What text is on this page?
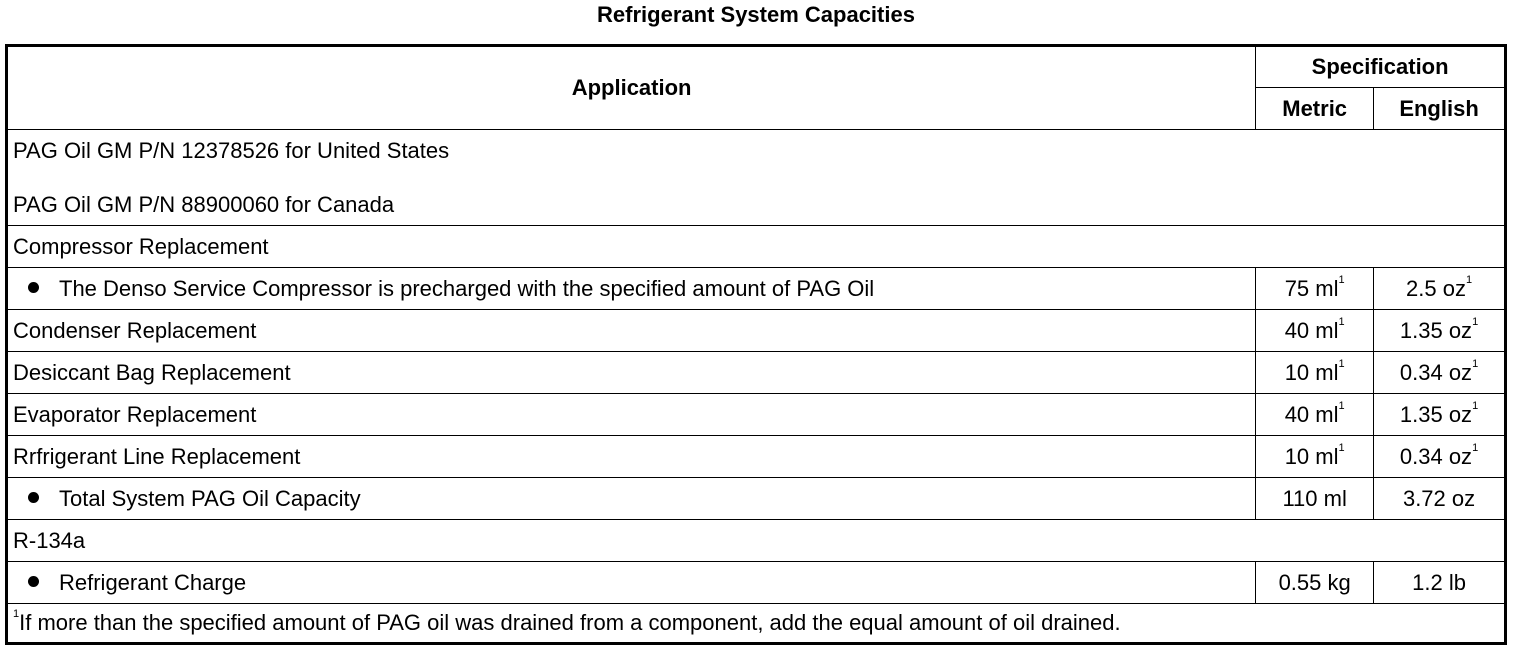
Refrigerant System Capacities
Application	Specification	
	Metric	English

PAG Oil GM P/N 12378526 for United States
PAG Oil GM P/N 88900060 for Canada		

Compressor Replacement		
The Denso Service Compressor is precharged with the specified amount of PAG Oil	75 $ml^1$	2.5 $oz^1$
Condenser Replacement	40 $ml^1$	1.35 $oz^1$
Desiccant Bag Replacement	10 $ml^1$	0.34 $oz^1$
Evaporator Replacement	40 $ml^1$	1.35 $oz^1$
Rrfrigerant Line Replacement	10 $ml^1$	0.34 $oz^1$
Total System PAG Oil Capacity	110 ml	3.72 oz
R-134a		
Refrigerant Charge	0.55 kg	1.2 lb
$^1$If more than the specified amount of PAG oil was drained from a component, add the equal amount of oil drained.		
